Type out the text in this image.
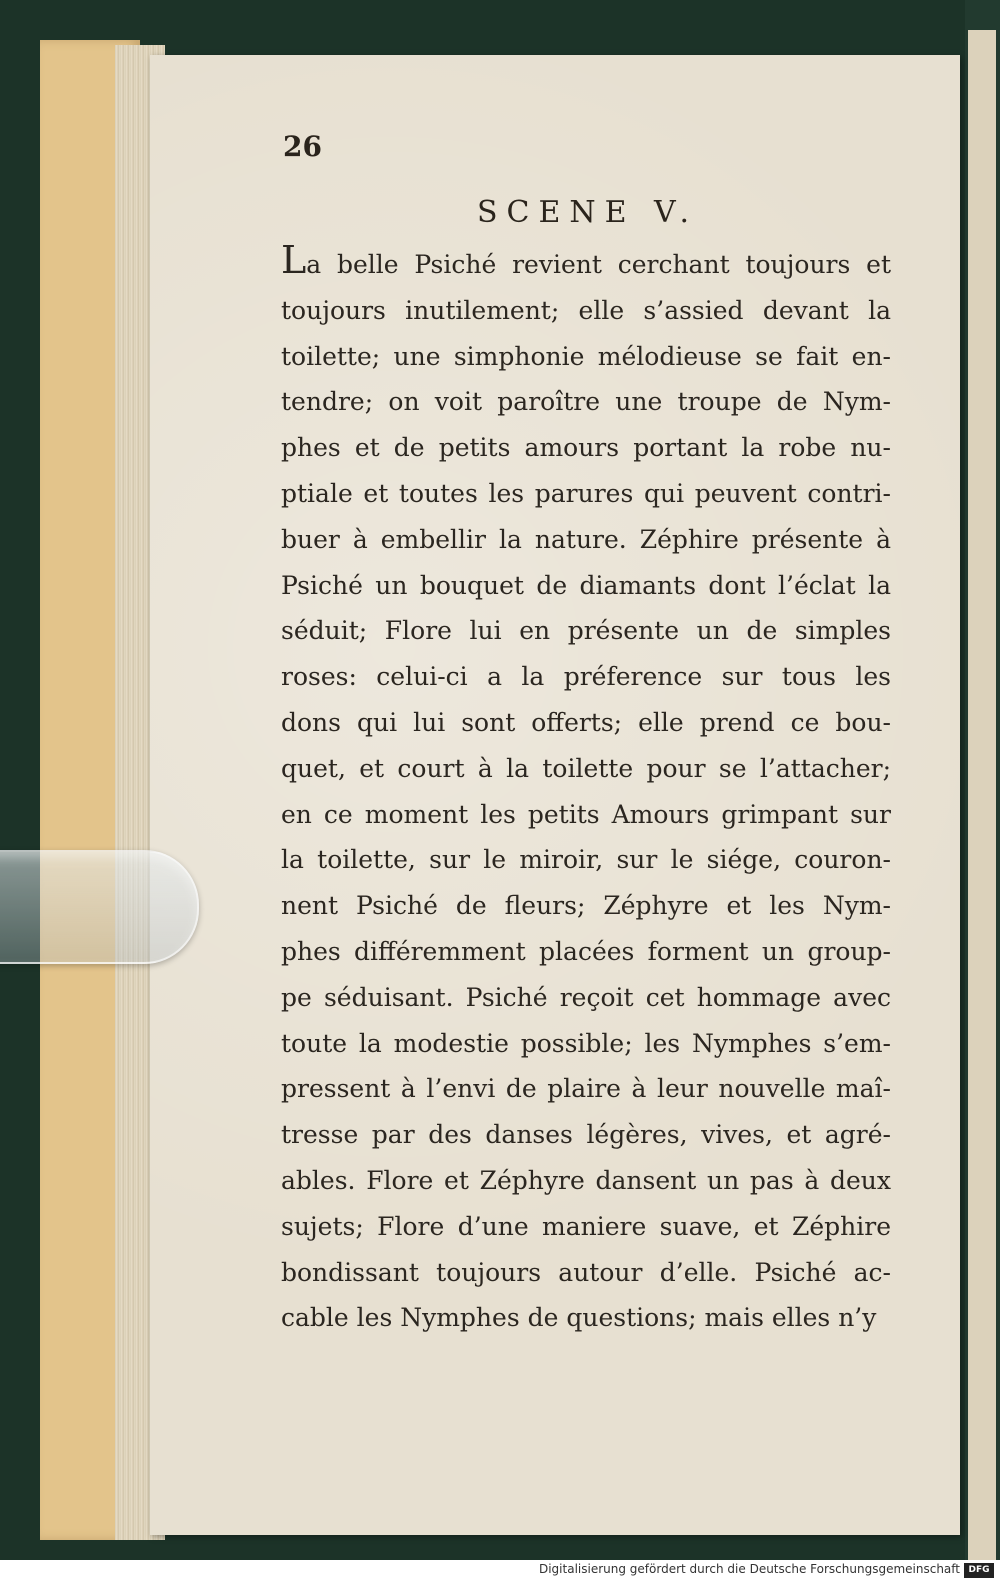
26
SCENE V.
La belle Psiché revient cerchant toujours et
toujours inutilement; elle s’assied devant la
toilette; une simphonie mélodieuse se fait en-
tendre; on voit paroître une troupe de Nym-
phes et de petits amours portant la robe nu-
ptiale et toutes les parures qui peuvent contri-
buer à embellir la nature. Zéphire présente à
Psiché un bouquet de diamants dont l’éclat la
séduit; Flore lui en présente un de simples
roses: celui-ci a la préference sur tous les
dons qui lui sont offerts; elle prend ce bou-
quet, et court à la toilette pour se l’attacher;
en ce moment les petits Amours grimpant sur
la toilette, sur le miroir, sur le siége, couron-
nent Psiché de fleurs; Zéphyre et les Nym-
phes différemment placées forment un group-
pe séduisant. Psiché reçoit cet hommage avec
toute la modestie possible; les Nymphes s’em-
pressent à l’envi de plaire à leur nouvelle maî-
tresse par des danses légères, vives, et agré-
ables. Flore et Zéphyre dansent un pas à deux
sujets; Flore d’une maniere suave, et Zéphire
bondissant toujours autour d’elle. Psiché ac-
cable les Nymphes de questions; mais elles n’y
Digitalisierung gefördert durch die Deutsche Forschungsgemeinschaft DFG
